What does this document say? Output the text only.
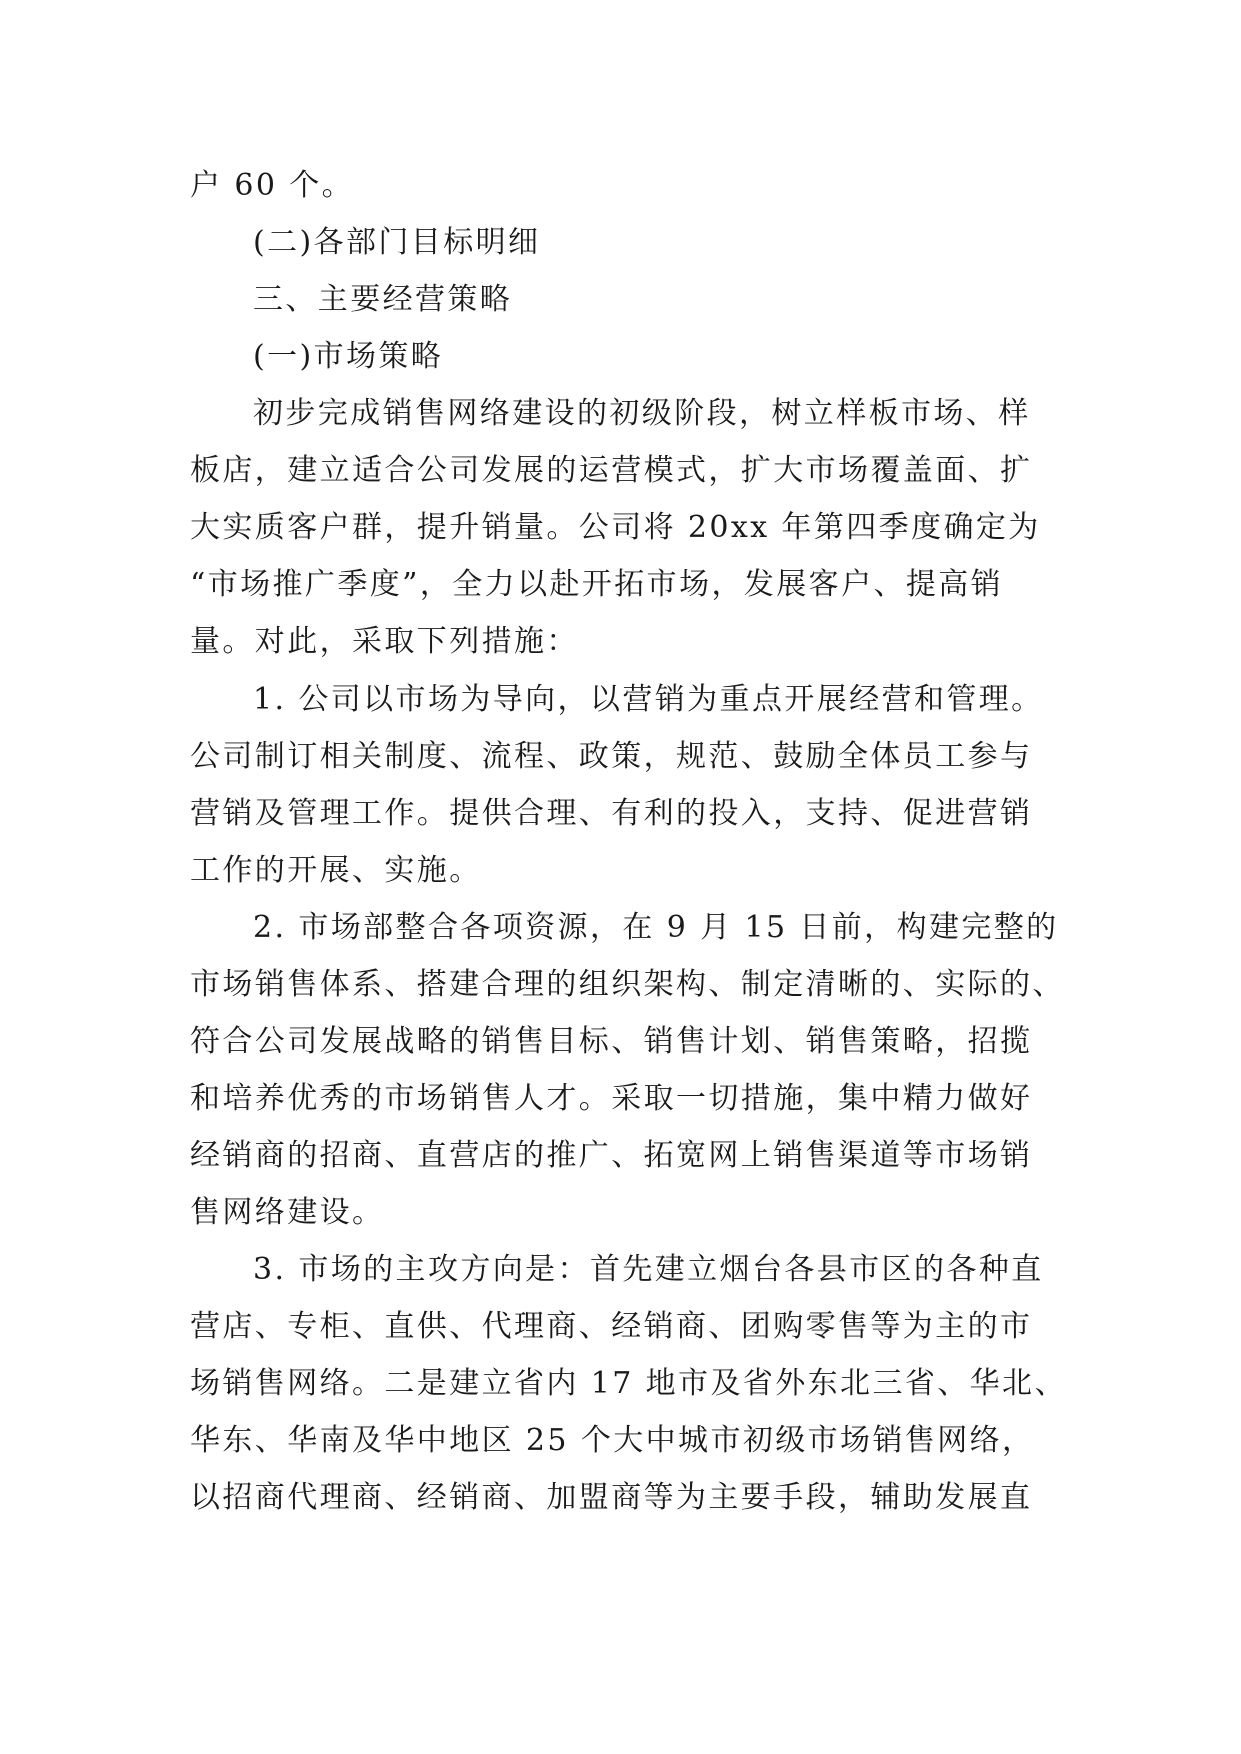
户 60 个。
(二)各部门目标明细
三、主要经营策略
(一)市场策略
初步完成销售网络建设的初级阶段，树立样板市场、样
板店，建立适合公司发展的运营模式，扩大市场覆盖面、扩
大实质客户群，提升销量。公司将 20xx 年第四季度确定为
“市场推广季度”，全力以赴开拓市场，发展客户、提高销
量。对此，采取下列措施：
1. 公司以市场为导向，以营销为重点开展经营和管理。
公司制订相关制度、流程、政策，规范、鼓励全体员工参与
营销及管理工作。提供合理、有利的投入，支持、促进营销
工作的开展、实施。
2. 市场部整合各项资源，在 9 月 15 日前，构建完整的
市场销售体系、搭建合理的组织架构、制定清晰的、实际的、
符合公司发展战略的销售目标、销售计划、销售策略，招揽
和培养优秀的市场销售人才。采取一切措施，集中精力做好
经销商的招商、直营店的推广、拓宽网上销售渠道等市场销
售网络建设。
3. 市场的主攻方向是：首先建立烟台各县市区的各种直
营店、专柜、直供、代理商、经销商、团购零售等为主的市
场销售网络。二是建立省内 17 地市及省外东北三省、华北、
华东、华南及华中地区 25 个大中城市初级市场销售网络，
以招商代理商、经销商、加盟商等为主要手段，辅助发展直
